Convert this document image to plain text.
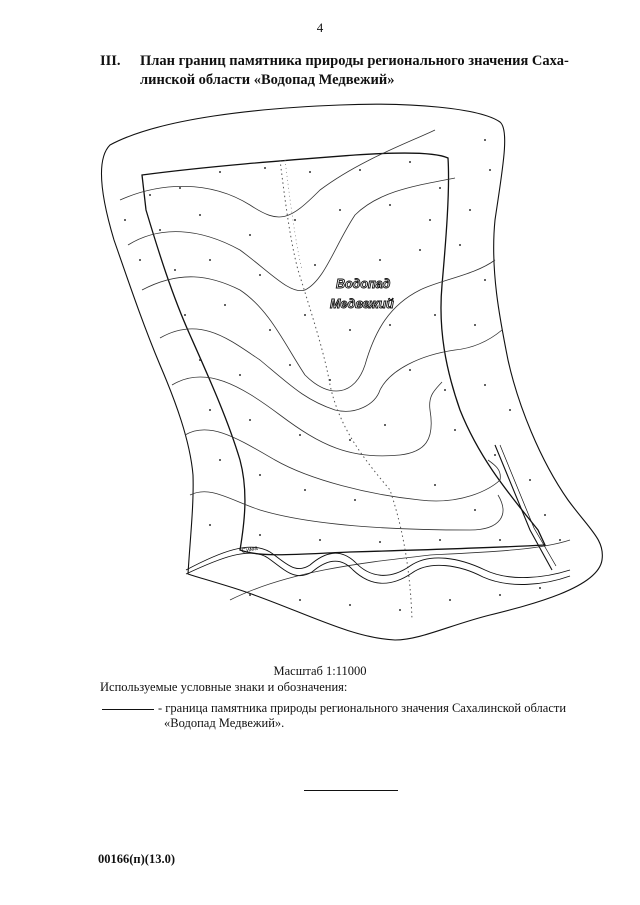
4
III. План границ памятника природы регионального значения Саха-
линской области «Водопад Медвежий»
Водопад
Медвежий
Сима
Масштаб 1:11000
Используемые условные знаки и обозначения:
- граница памятника природы регионального значения Сахалинской области
«Водопад Медвежий».
00166(п)(13.0)
